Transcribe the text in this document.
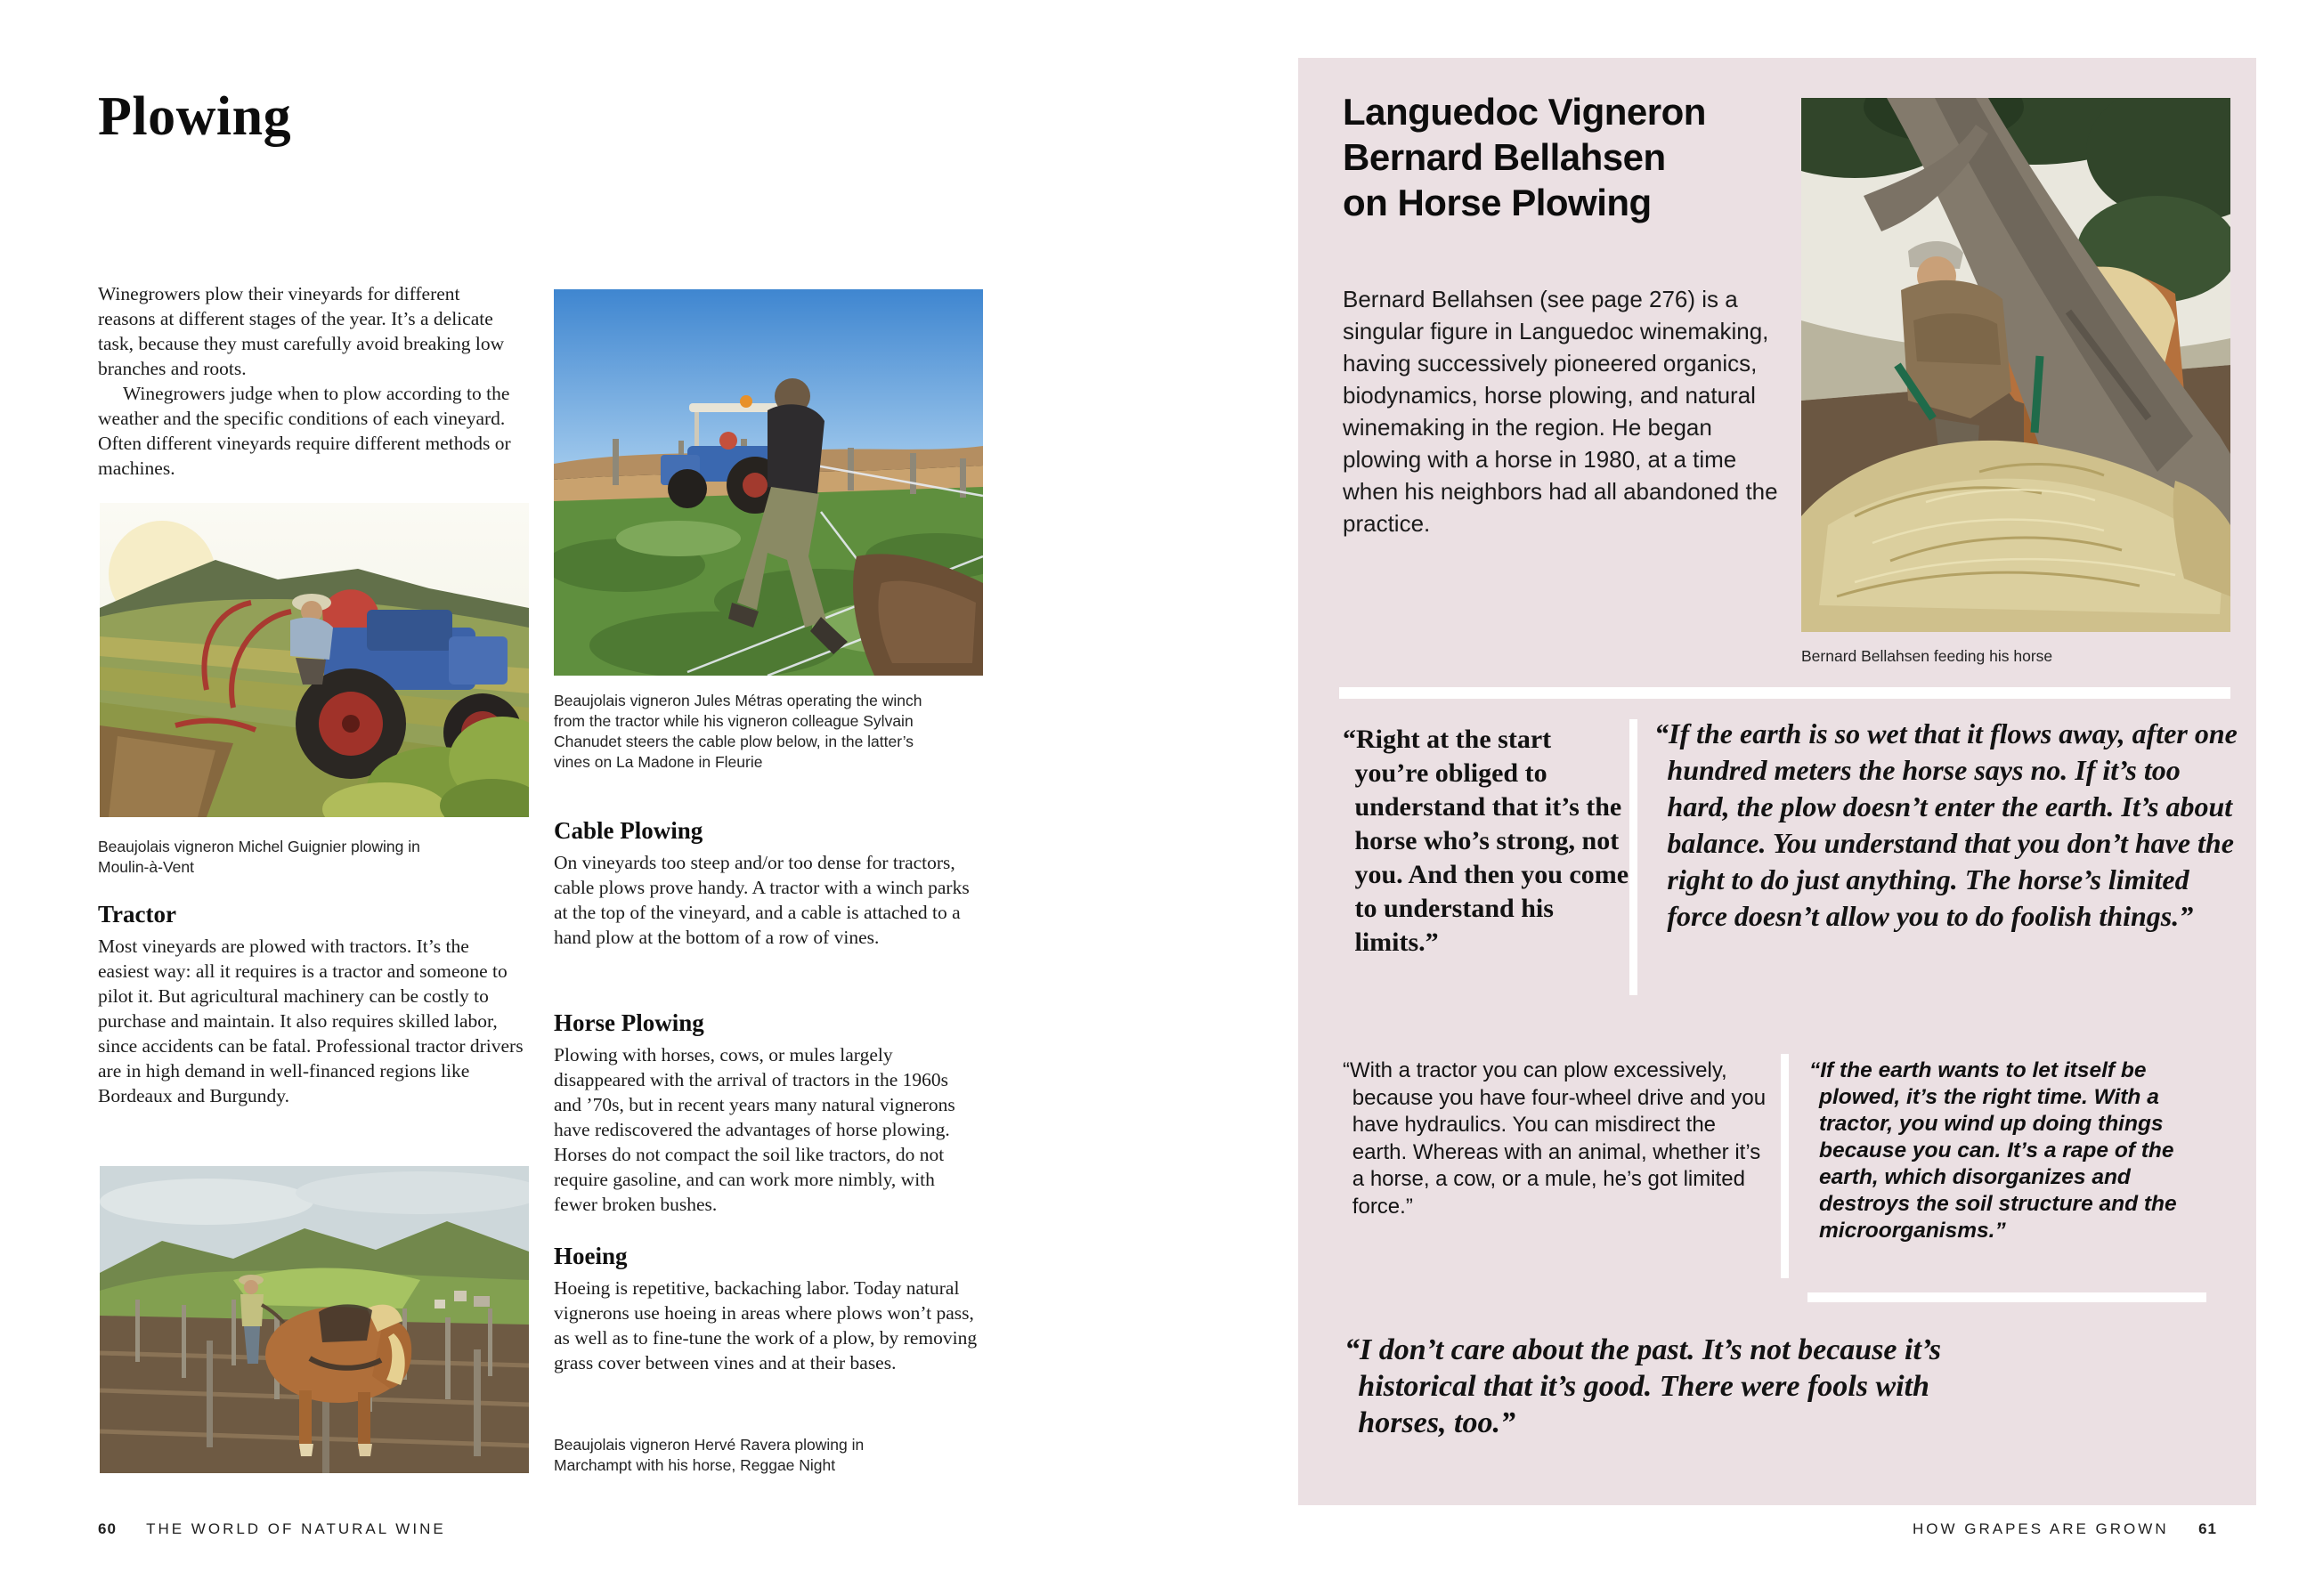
Plowing

Winegrowers plow their vineyards for different reasons at different stages of the year. It’s a delicate task, because they must carefully avoid breaking low branches and roots.

Winegrowers judge when to plow according to the weather and the specific conditions of each vineyard. Often different vineyards require different methods or machines.

Beaujolais vigneron Michel Guignier plowing in Moulin-à-Vent
Tractor
Most vineyards are plowed with tractors. It’s the easiest way: all it requires is a tractor and someone to pilot it. But agricultural machinery can be costly to purchase and maintain. It also requires skilled labor, since accidents can be fatal. Professional tractor drivers are in high demand in well-financed regions like Bordeaux and Burgundy.
Beaujolais vigneron Jules Métras operating the winch from the tractor while his vigneron colleague Sylvain Chanudet steers the cable plow below, in the latter’s vines on La Madone in Fleurie
Cable Plowing
On vineyards too steep and/or too dense for tractors, cable plows prove handy. A tractor with a winch parks at the top of the vineyard, and a cable is attached to a hand plow at the bottom of a row of vines.
Horse Plowing
Plowing with horses, cows, or mules largely disappeared with the arrival of tractors in the 1960s and ’70s, but in recent years many natural vignerons have rediscovered the advantages of horse plowing. Horses do not compact the soil like tractors, do not require gasoline, and can work more nimbly, with fewer broken bushes.
Hoeing
Hoeing is repetitive, backaching labor. Today natural vignerons use hoeing in areas where plows won’t pass, as well as to fine-tune the work of a plow, by removing grass cover between vines and at their bases.
Beaujolais vigneron Hervé Ravera plowing in Marchampt with his horse, Reggae Night
60 THE WORLD OF NATURAL WINE
Languedoc Vigneron
Bernard Bellahsen
on Horse Plowing
Bernard Bellahsen (see page 276) is a singular figure in Languedoc winemaking, having successively pioneered organics, biodynamics, horse plowing, and natural winemaking in the region. He began plowing with a horse in 1980, at a time when his neighbors had all abandoned the practice.
Bernard Bellahsen feeding his horse

“Right at the start you’re obliged to understand that it’s the horse who’s strong, not you. And then you come to understand his limits.”

“If the earth is so wet that it flows away, after one hundred meters the horse says no. If it’s too hard, the plow doesn’t enter the earth. It’s about balance. You understand that you don’t have the right to do just anything. The horse’s limited force doesn’t allow you to do foolish things.”

“With a tractor you can plow excessively, because you have four-wheel drive and you have hydraulics. You can misdirect the earth. Whereas with an animal, whether it’s a horse, a cow, or a mule, he’s got limited force.”

“If the earth wants to let itself be plowed, it’s the right time. With a tractor, you wind up doing things because you can. It’s a rape of the earth, which disorganizes and destroys the soil structure and the microorganisms.”

“I don’t care about the past. It’s not because it’s historical that it’s good. There were fools with horses, too.”

HOW GRAPES ARE GROWN 61
